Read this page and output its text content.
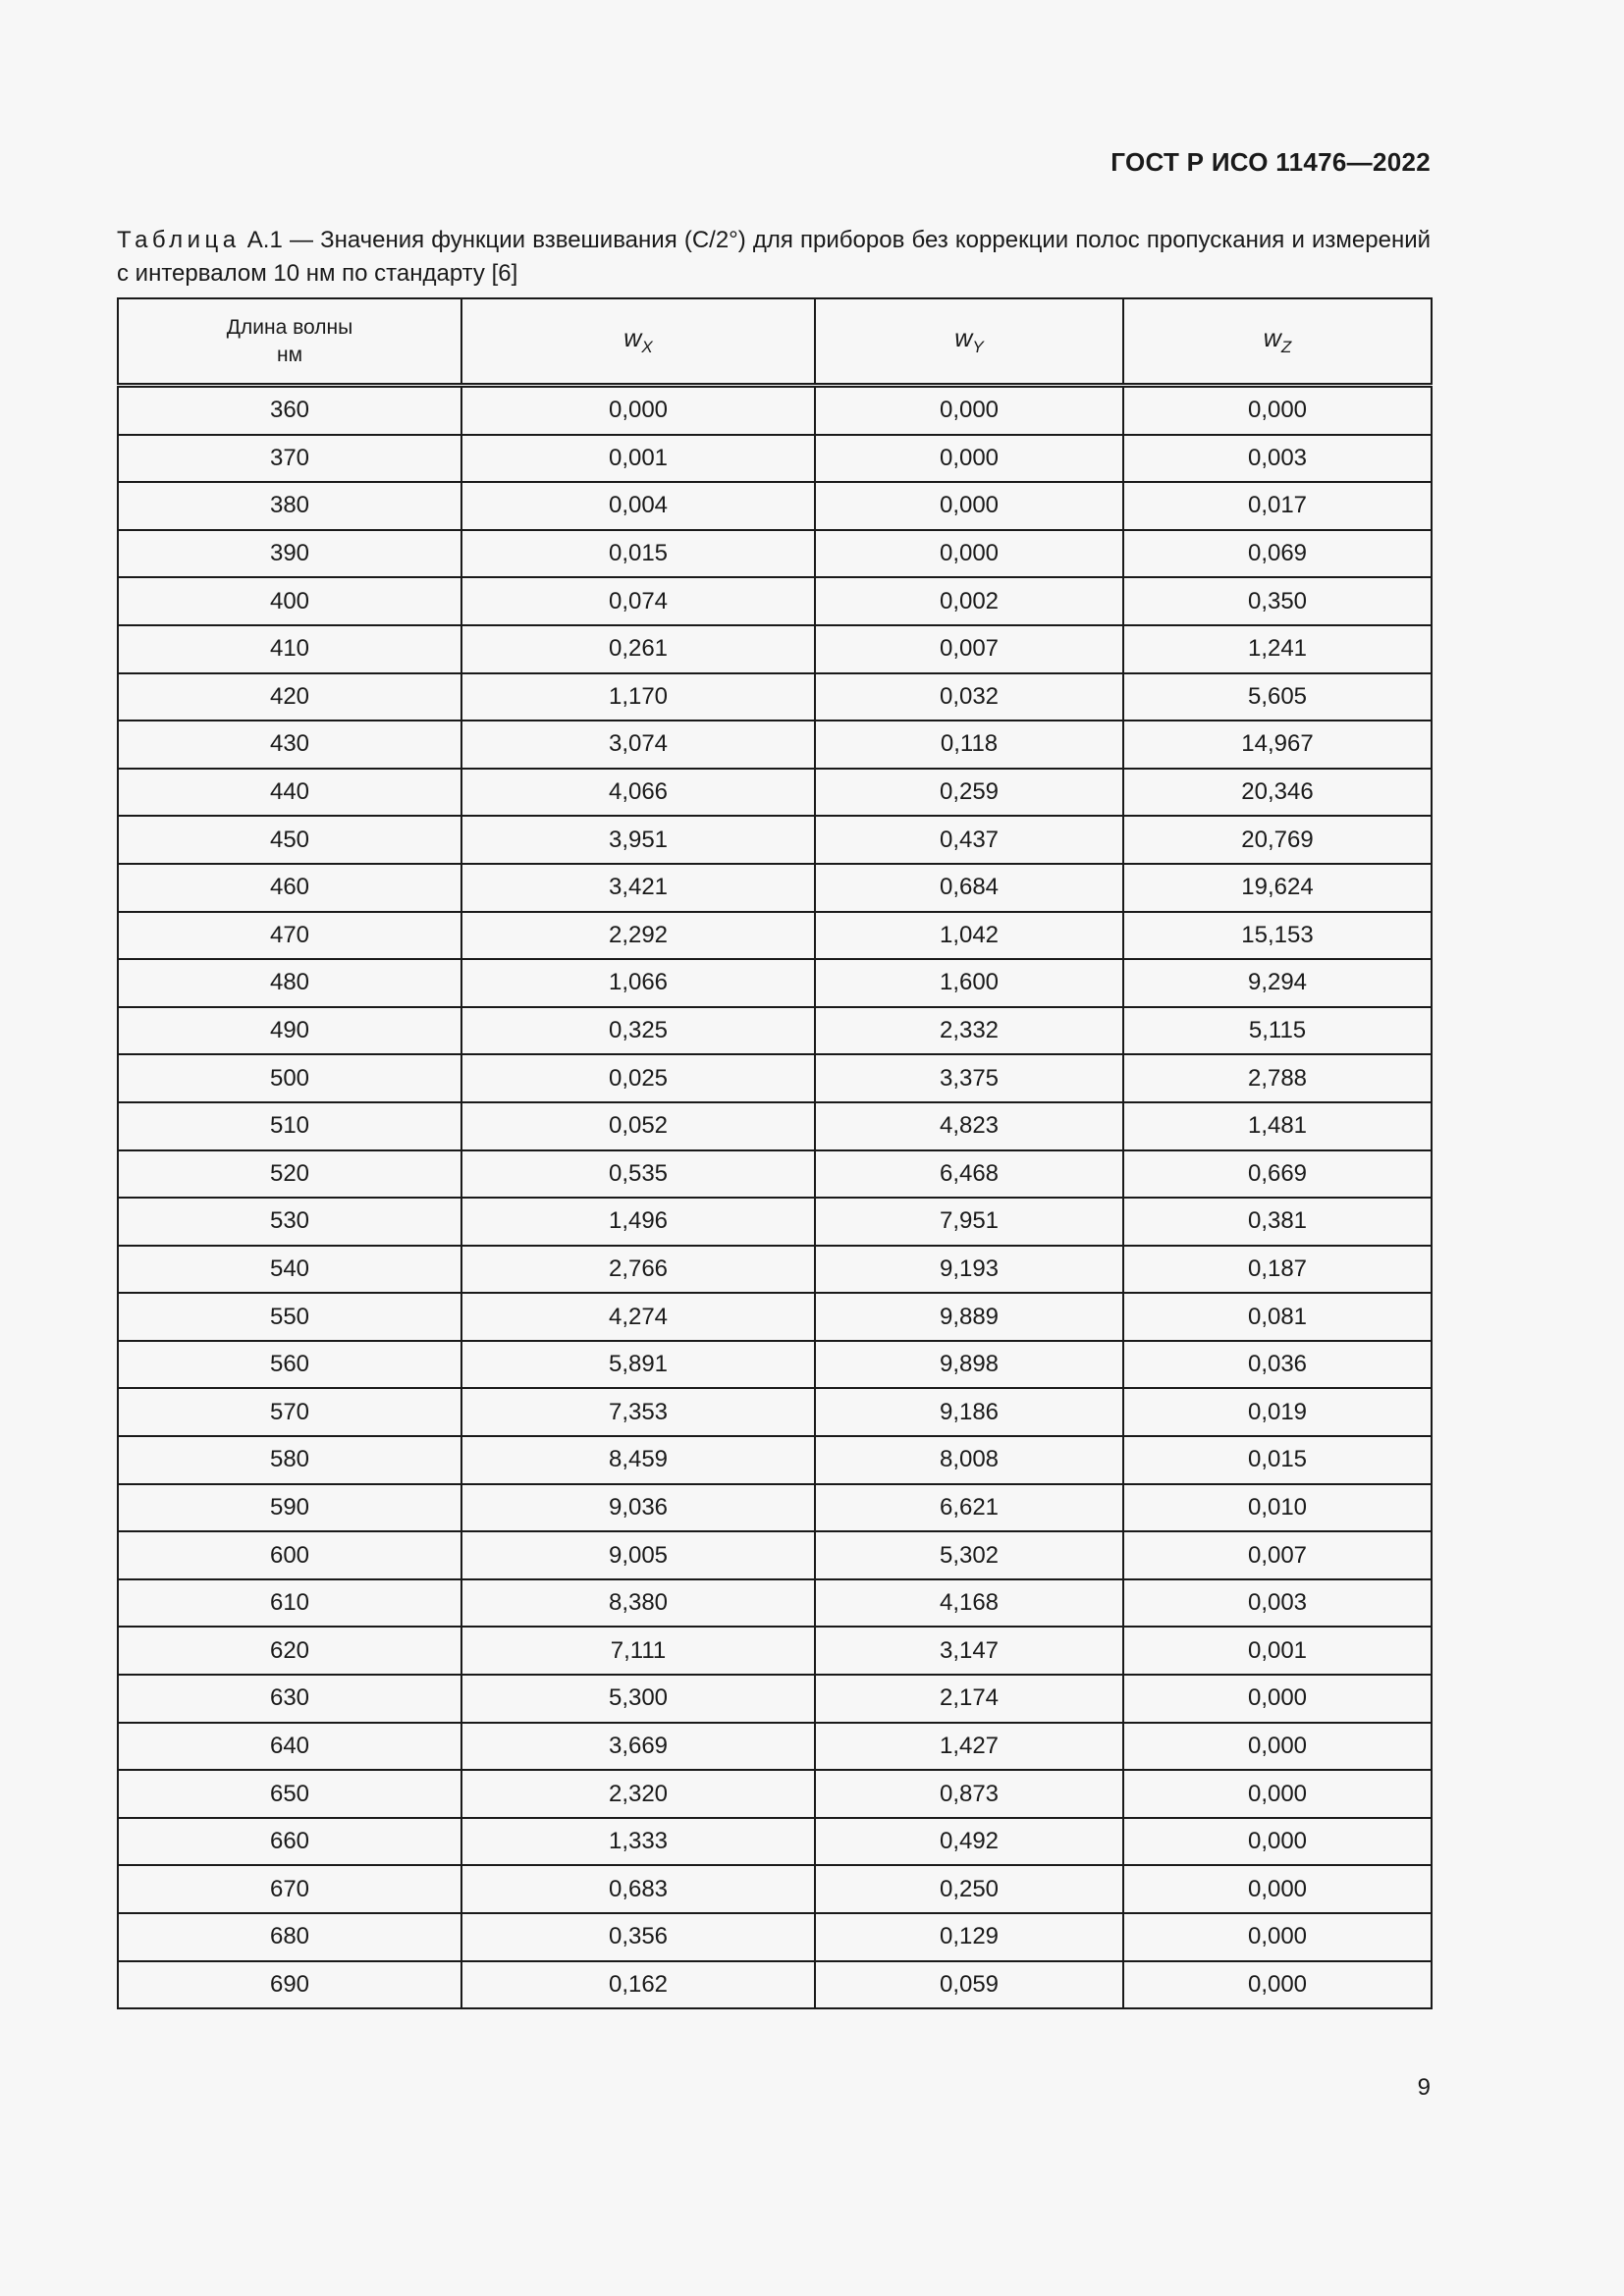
ГОСТ Р ИСО 11476—2022
Таблица А.1 — Значения функции взвешивания (C/2°) для приборов без коррекции полос пропускания и измерений с интервалом 10 нм по стандарту [6]
Длина волны
нм	$w_X$	$w_Y$	$w_Z$
360	0,000	0,000	0,000
370	0,001	0,000	0,003
380	0,004	0,000	0,017
390	0,015	0,000	0,069
400	0,074	0,002	0,350
410	0,261	0,007	1,241
420	1,170	0,032	5,605
430	3,074	0,118	14,967
440	4,066	0,259	20,346
450	3,951	0,437	20,769
460	3,421	0,684	19,624
470	2,292	1,042	15,153
480	1,066	1,600	9,294
490	0,325	2,332	5,115
500	0,025	3,375	2,788
510	0,052	4,823	1,481
520	0,535	6,468	0,669
530	1,496	7,951	0,381
540	2,766	9,193	0,187
550	4,274	9,889	0,081
560	5,891	9,898	0,036
570	7,353	9,186	0,019
580	8,459	8,008	0,015
590	9,036	6,621	0,010
600	9,005	5,302	0,007
610	8,380	4,168	0,003
620	7,111	3,147	0,001
630	5,300	2,174	0,000
640	3,669	1,427	0,000
650	2,320	0,873	0,000
660	1,333	0,492	0,000
670	0,683	0,250	0,000
680	0,356	0,129	0,000
690	0,162	0,059	0,000
9
